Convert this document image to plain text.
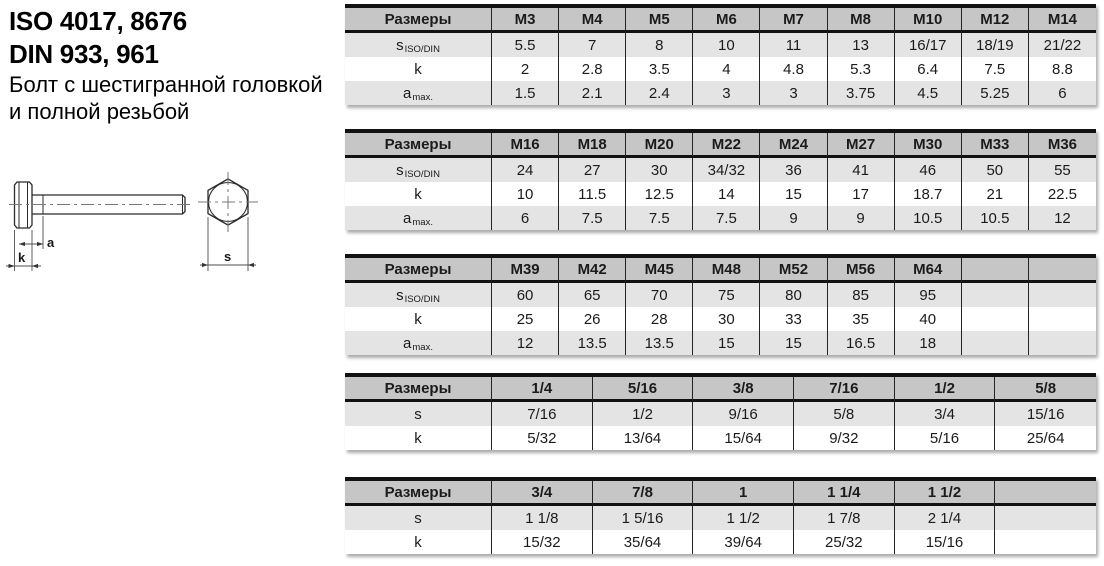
ISO 4017, 8676
DIN 933, 961
Болт с шестигранной головкой
и полной резьбой
a
k	s
Размеры	M3	M4	M5	M6	M7	M8	M10	M12	M14
s ISO/DIN	5.5	7	8	10	11	13	16/17	18/19	21/22
k	2	2.8	3.5	4	4.8	5.3	6.4	7.5	8.8
a max.	1.5	2.1	2.4	3	3	3.75	4.5	5.25	6
Размеры	M16	M18	M20	M22	M24	M27	M30	M33	M36
s ISO/DIN	24	27	30	34/32	36	41	46	50	55
k	10	11.5	12.5	14	15	17	18.7	21	22.5
a max.	6	7.5	7.5	7.5	9	9	10.5	10.5	12
Размеры	M39	M42	M45	M48	M52	M56	M64
s ISO/DIN	60	65	70	75	80	85	95
k	25	26	28	30	33	35	40
a max.	12	13.5	13.5	15	15	16.5	18
Размеры	1/4	5/16	3/8	7/16	1/2	5/8
s	7/16	1/2	9/16	5/8	3/4	15/16
k	5/32	13/64	15/64	9/32	5/16	25/64
Размеры	3/4	7/8	1	1 1/4	1 1/2
s	1 1/8	1 5/16	1 1/2	1 7/8	2 1/4
k	15/32	35/64	39/64	25/32	15/16
